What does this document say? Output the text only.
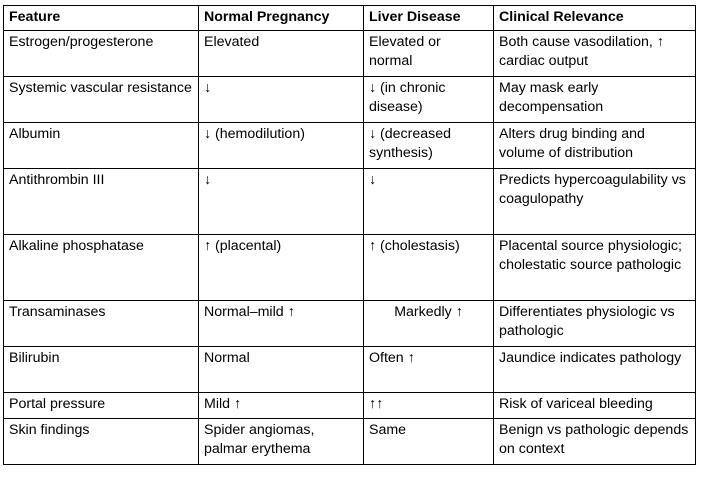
Feature	Normal Pregnancy	Liver Disease	Clinical Relevance
Estrogen/progesterone	Elevated	Elevated or normal	Both cause vasodilation, ↑ cardiac output
Systemic vascular resistance	↓	↓ (in chronic disease)	May mask early decompensation
Albumin	↓ (hemodilution)	↓ (decreased synthesis)	Alters drug binding and volume of distribution
Antithrombin III	↓	↓	Predicts hypercoagulability vs coagulopathy
Alkaline phosphatase	↑ (placental)	↑ (cholestasis)	Placental source physiologic; cholestatic source pathologic
Transaminases	Normal–mild ↑	Markedly ↑	Differentiates physiologic vs pathologic
Bilirubin	Normal	Often ↑	Jaundice indicates pathology
Portal pressure	Mild ↑	↑↑	Risk of variceal bleeding
Skin findings	Spider angiomas, palmar erythema	Same	Benign vs pathologic depends on context
